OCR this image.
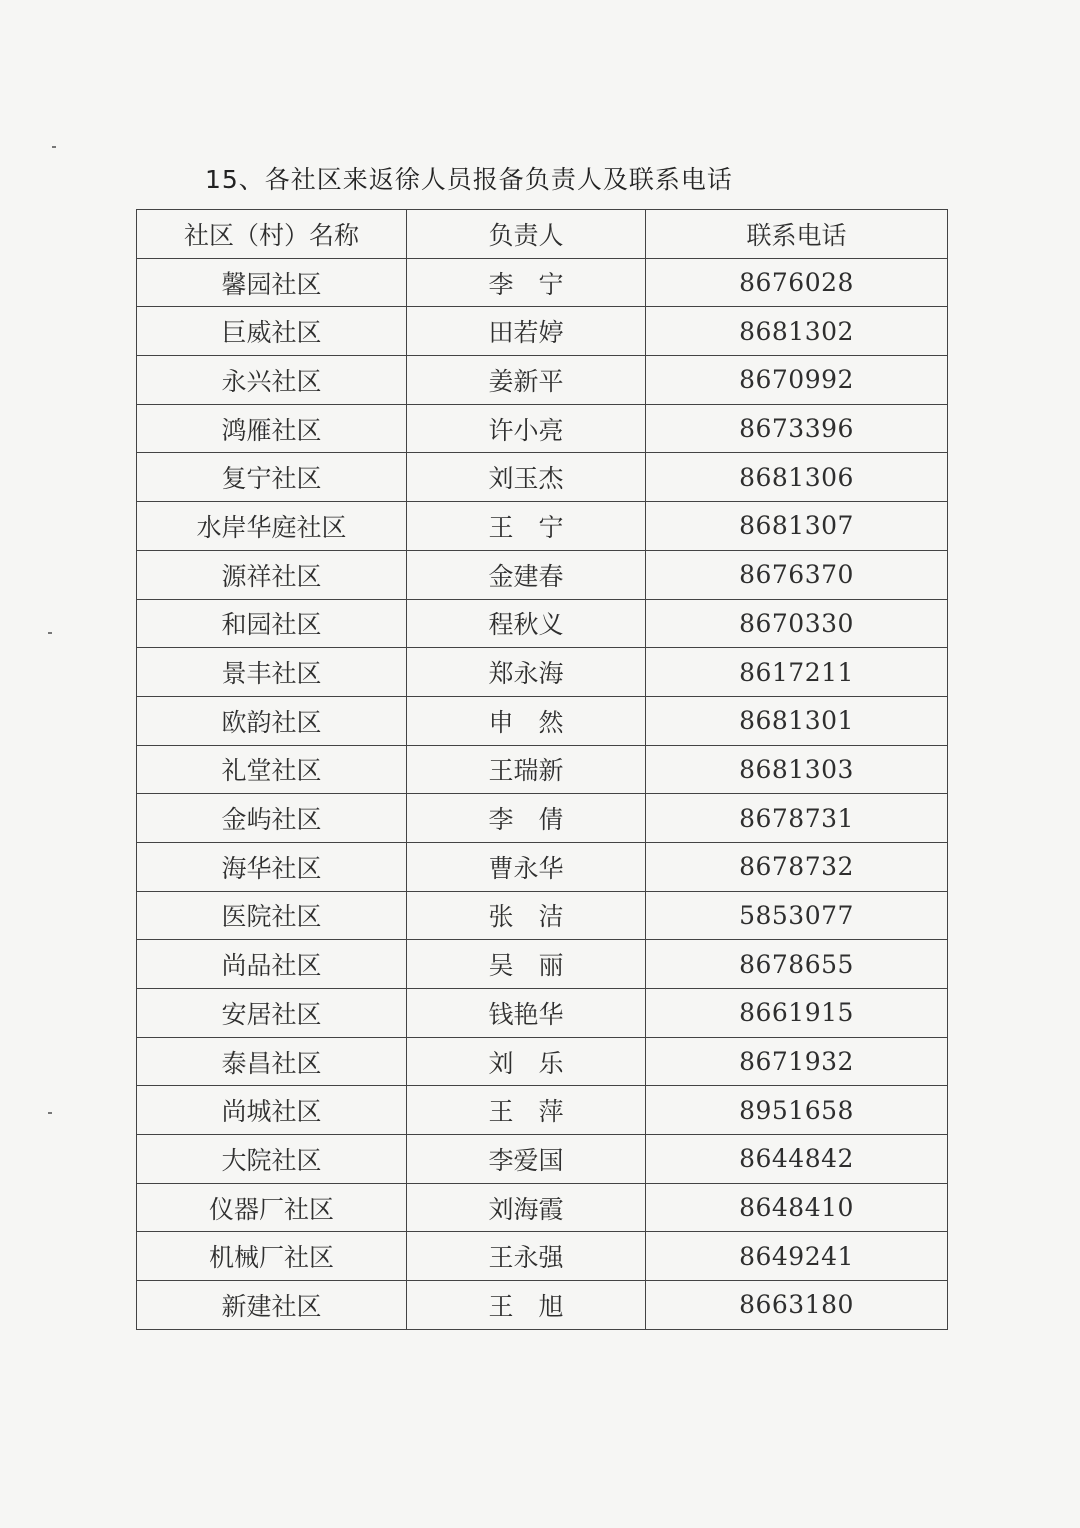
15、各社区来返徐人员报备负责人及联系电话
社区（村）名称	负责人	联系电话
馨园社区	李　宁	8676028
巨威社区	田若婷	8681302
永兴社区	姜新平	8670992
鸿雁社区	许小亮	8673396
复宁社区	刘玉杰	8681306
水岸华庭社区	王　宁	8681307
源祥社区	金建春	8676370
和园社区	程秋义	8670330
景丰社区	郑永海	8617211
欧韵社区	申　然	8681301
礼堂社区	王瑞新	8681303
金屿社区	李　倩	8678731
海华社区	曹永华	8678732
医院社区	张　洁	5853077
尚品社区	吴　丽	8678655
安居社区	钱艳华	8661915
泰昌社区	刘　乐	8671932
尚城社区	王　萍	8951658
大院社区	李爱国	8644842
仪器厂社区	刘海霞	8648410
机械厂社区	王永强	8649241
新建社区	王　旭	8663180
